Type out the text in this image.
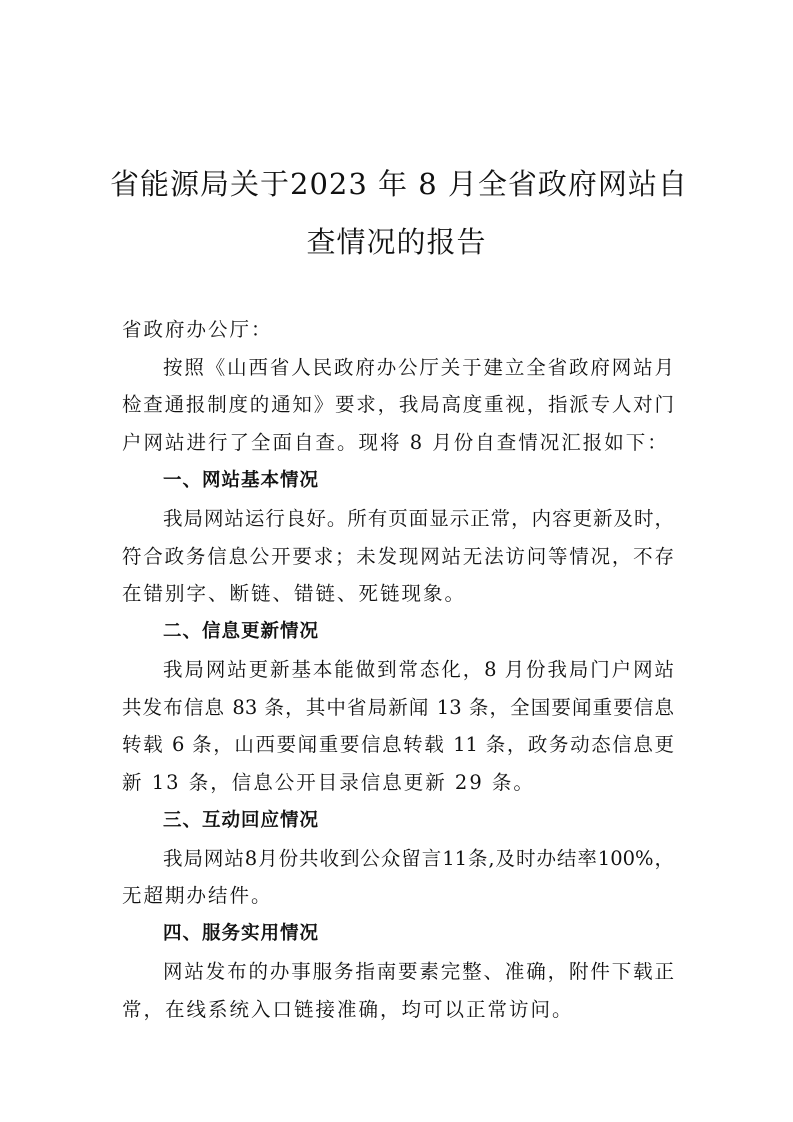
省能源局关于2023 年 8 月全省政府网站自
查情况的报告
省政府办公厅：
按照《山西省人民政府办公厅关于建立全省政府网站月
检查通报制度的通知》要求，我局高度重视，指派专人对门
户网站进行了全面自查。现将 8 月份自查情况汇报如下：
一、网站基本情况
我局网站运行良好。所有页面显示正常，内容更新及时，
符合政务信息公开要求；未发现网站无法访问等情况，不存
在错别字、断链、错链、死链现象。
二、信息更新情况
我局网站更新基本能做到常态化，8 月份我局门户网站
共发布信息 83 条，其中省局新闻 13 条，全国要闻重要信息
转载 6 条，山西要闻重要信息转载 11 条，政务动态信息更
新 13 条，信息公开目录信息更新 29 条。
三、互动回应情况
我局网站8月份共收到公众留言11条,及时办结率100%，
无超期办结件。
四、服务实用情况
网站发布的办事服务指南要素完整、准确，附件下载正
常，在线系统入口链接准确，均可以正常访问。
